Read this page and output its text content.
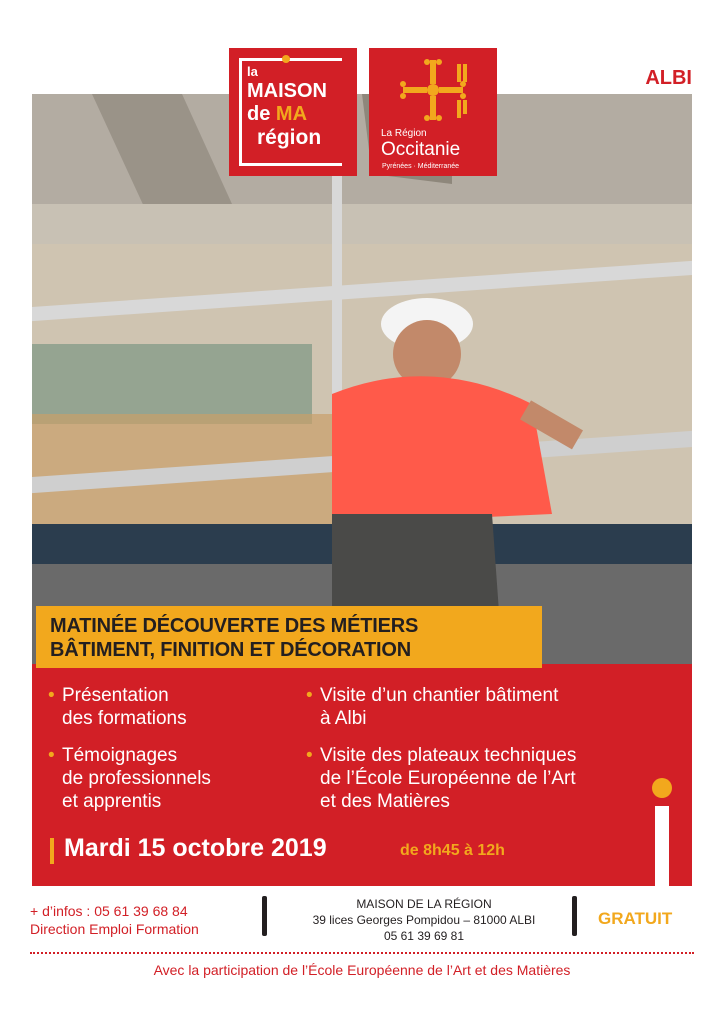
ALBI
la
MAISON
de MA
région	La Région
Occitanie
Pyrénées · Méditerranée
• Présentation
des formations
• Témoignages
de professionnels
et apprentis
• Visite d’un chantier bâtiment
à Albi
• Visite des plateaux techniques
de l’École Européenne de l’Art
et des Matières
Mardi 15 octobre 2019	de 8h45 à 12h
MATINÉE DÉCOUVERTE DES MÉTIERS
BÂTIMENT, FINITION ET DÉCORATION
+ d’infos : 05 61 39 68 84
Direction Emploi Formation
MAISON DE LA RÉGION
39 lices Georges Pompidou – 81000 ALBI
05 61 39 69 81
GRATUIT
Avec la participation de l’École Européenne de l’Art et des Matières
